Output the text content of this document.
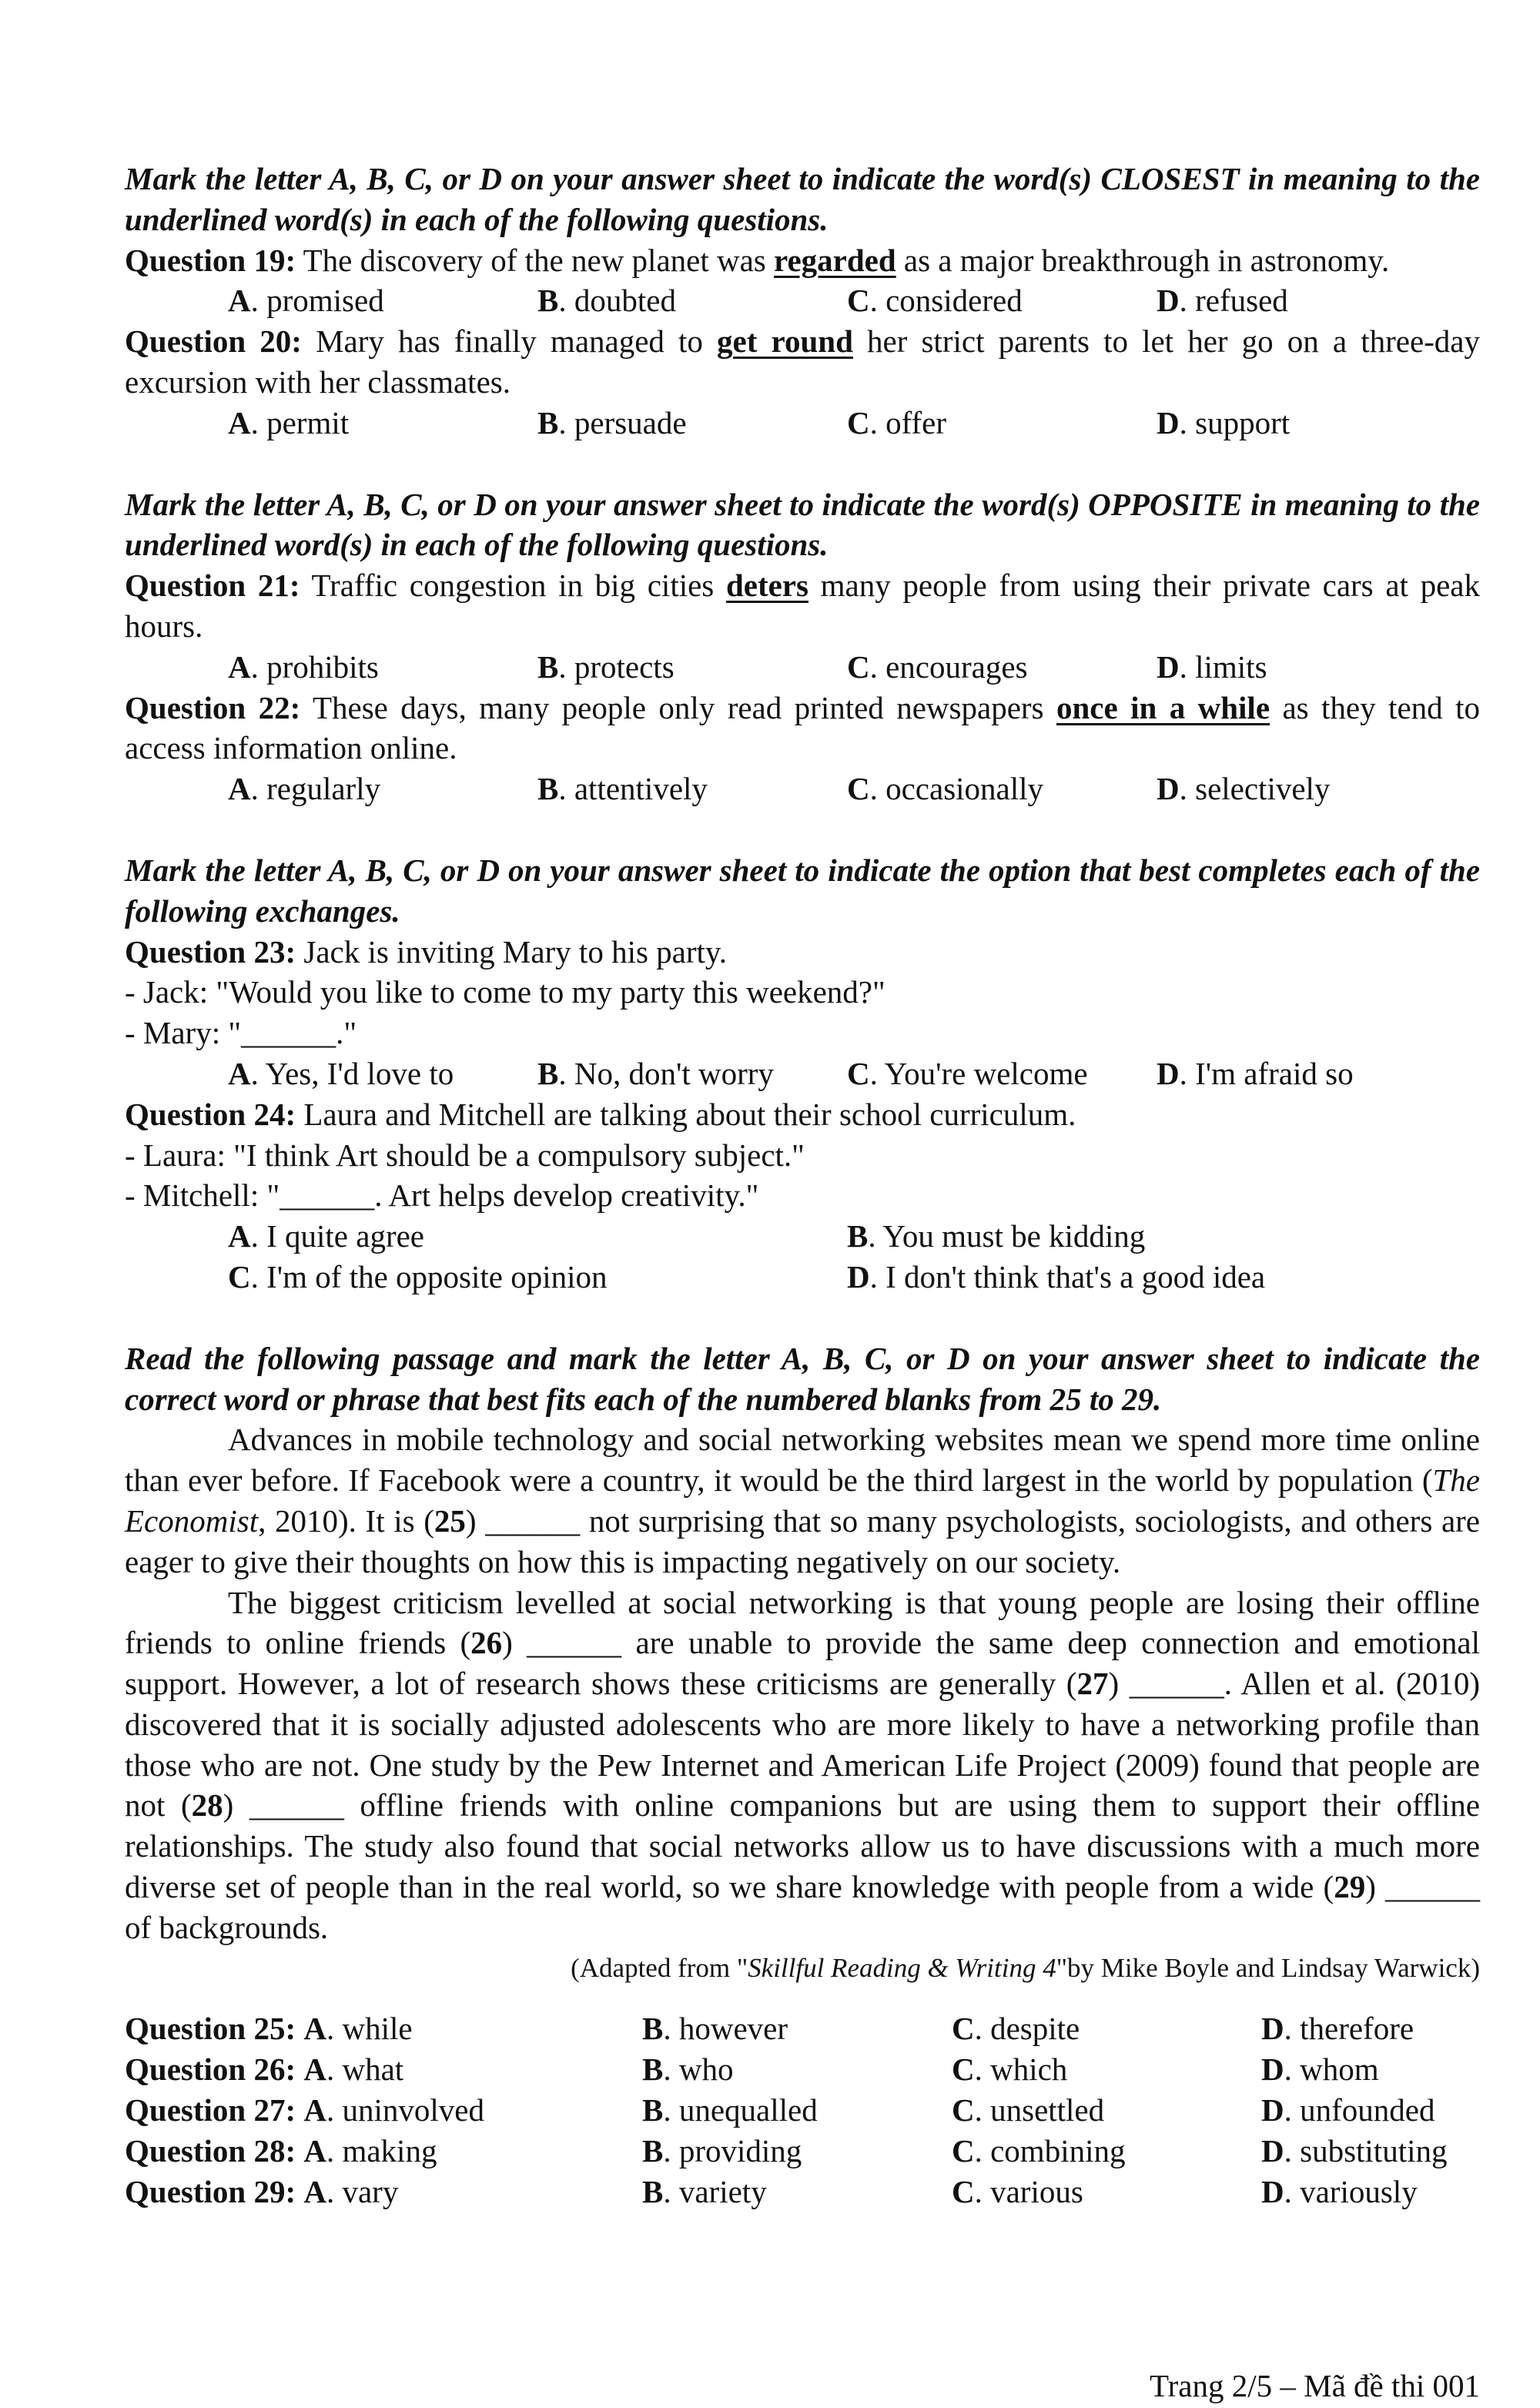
Mark the letter A, B, C, or D on your answer sheet to indicate the word(s) CLOSEST in meaning to the underlined word(s) in each of the following questions.
Question 19: The discovery of the new planet was regarded as a major breakthrough in astronomy.
A. promised	B. doubted	C. considered	D. refused
Question 20: Mary has finally managed to get round her strict parents to let her go on a three-day excursion with her classmates.
A. permit	B. persuade	C. offer	D. support
Mark the letter A, B, C, or D on your answer sheet to indicate the word(s) OPPOSITE in meaning to the underlined word(s) in each of the following questions.
Question 21: Traffic congestion in big cities deters many people from using their private cars at peak hours.
A. prohibits	B. protects	C. encourages	D. limits
Question 22: These days, many people only read printed newspapers once in a while as they tend to access information online.
A. regularly	B. attentively	C. occasionally	D. selectively
Mark the letter A, B, C, or D on your answer sheet to indicate the option that best completes each of the following exchanges.
Question 23: Jack is inviting Mary to his party.
- Jack: "Would you like to come to my party this weekend?"
- Mary: "______."
A. Yes, I'd love to	B. No, don't worry	C. You're welcome	D. I'm afraid so
Question 24: Laura and Mitchell are talking about their school curriculum.
- Laura: "I think Art should be a compulsory subject."
- Mitchell: "______. Art helps develop creativity."
A. I quite agree	B. You must be kidding
C. I'm of the opposite opinion	D. I don't think that's a good idea
Read the following passage and mark the letter A, B, C, or D on your answer sheet to indicate the correct word or phrase that best fits each of the numbered blanks from 25 to 29.
Advances in mobile technology and social networking websites mean we spend more time online than ever before. If Facebook were a country, it would be the third largest in the world by population (The Economist, 2010). It is (25) ______ not surprising that so many psychologists, sociologists, and others are eager to give their thoughts on how this is impacting negatively on our society.
The biggest criticism levelled at social networking is that young people are losing their offline friends to online friends (26) ______ are unable to provide the same deep connection and emotional support. However, a lot of research shows these criticisms are generally (27) ______. Allen et al. (2010) discovered that it is socially adjusted adolescents who are more likely to have a networking profile than those who are not. One study by the Pew Internet and American Life Project (2009) found that people are not (28) ______ offline friends with online companions but are using them to support their offline relationships. The study also found that social networks allow us to have discussions with a much more diverse set of people than in the real world, so we share knowledge with people from a wide (29) ______ of backgrounds.
(Adapted from "Skillful Reading & Writing 4"by Mike Boyle and Lindsay Warwick)
Question 25: A. while	B. however	C. despite	D. therefore
Question 26: A. what	B. who	C. which	D. whom
Question 27: A. uninvolved	B. unequalled	C. unsettled	D. unfounded
Question 28: A. making	B. providing	C. combining	D. substituting
Question 29: A. vary	B. variety	C. various	D. variously
Trang 2/5 – Mã đề thi 001
